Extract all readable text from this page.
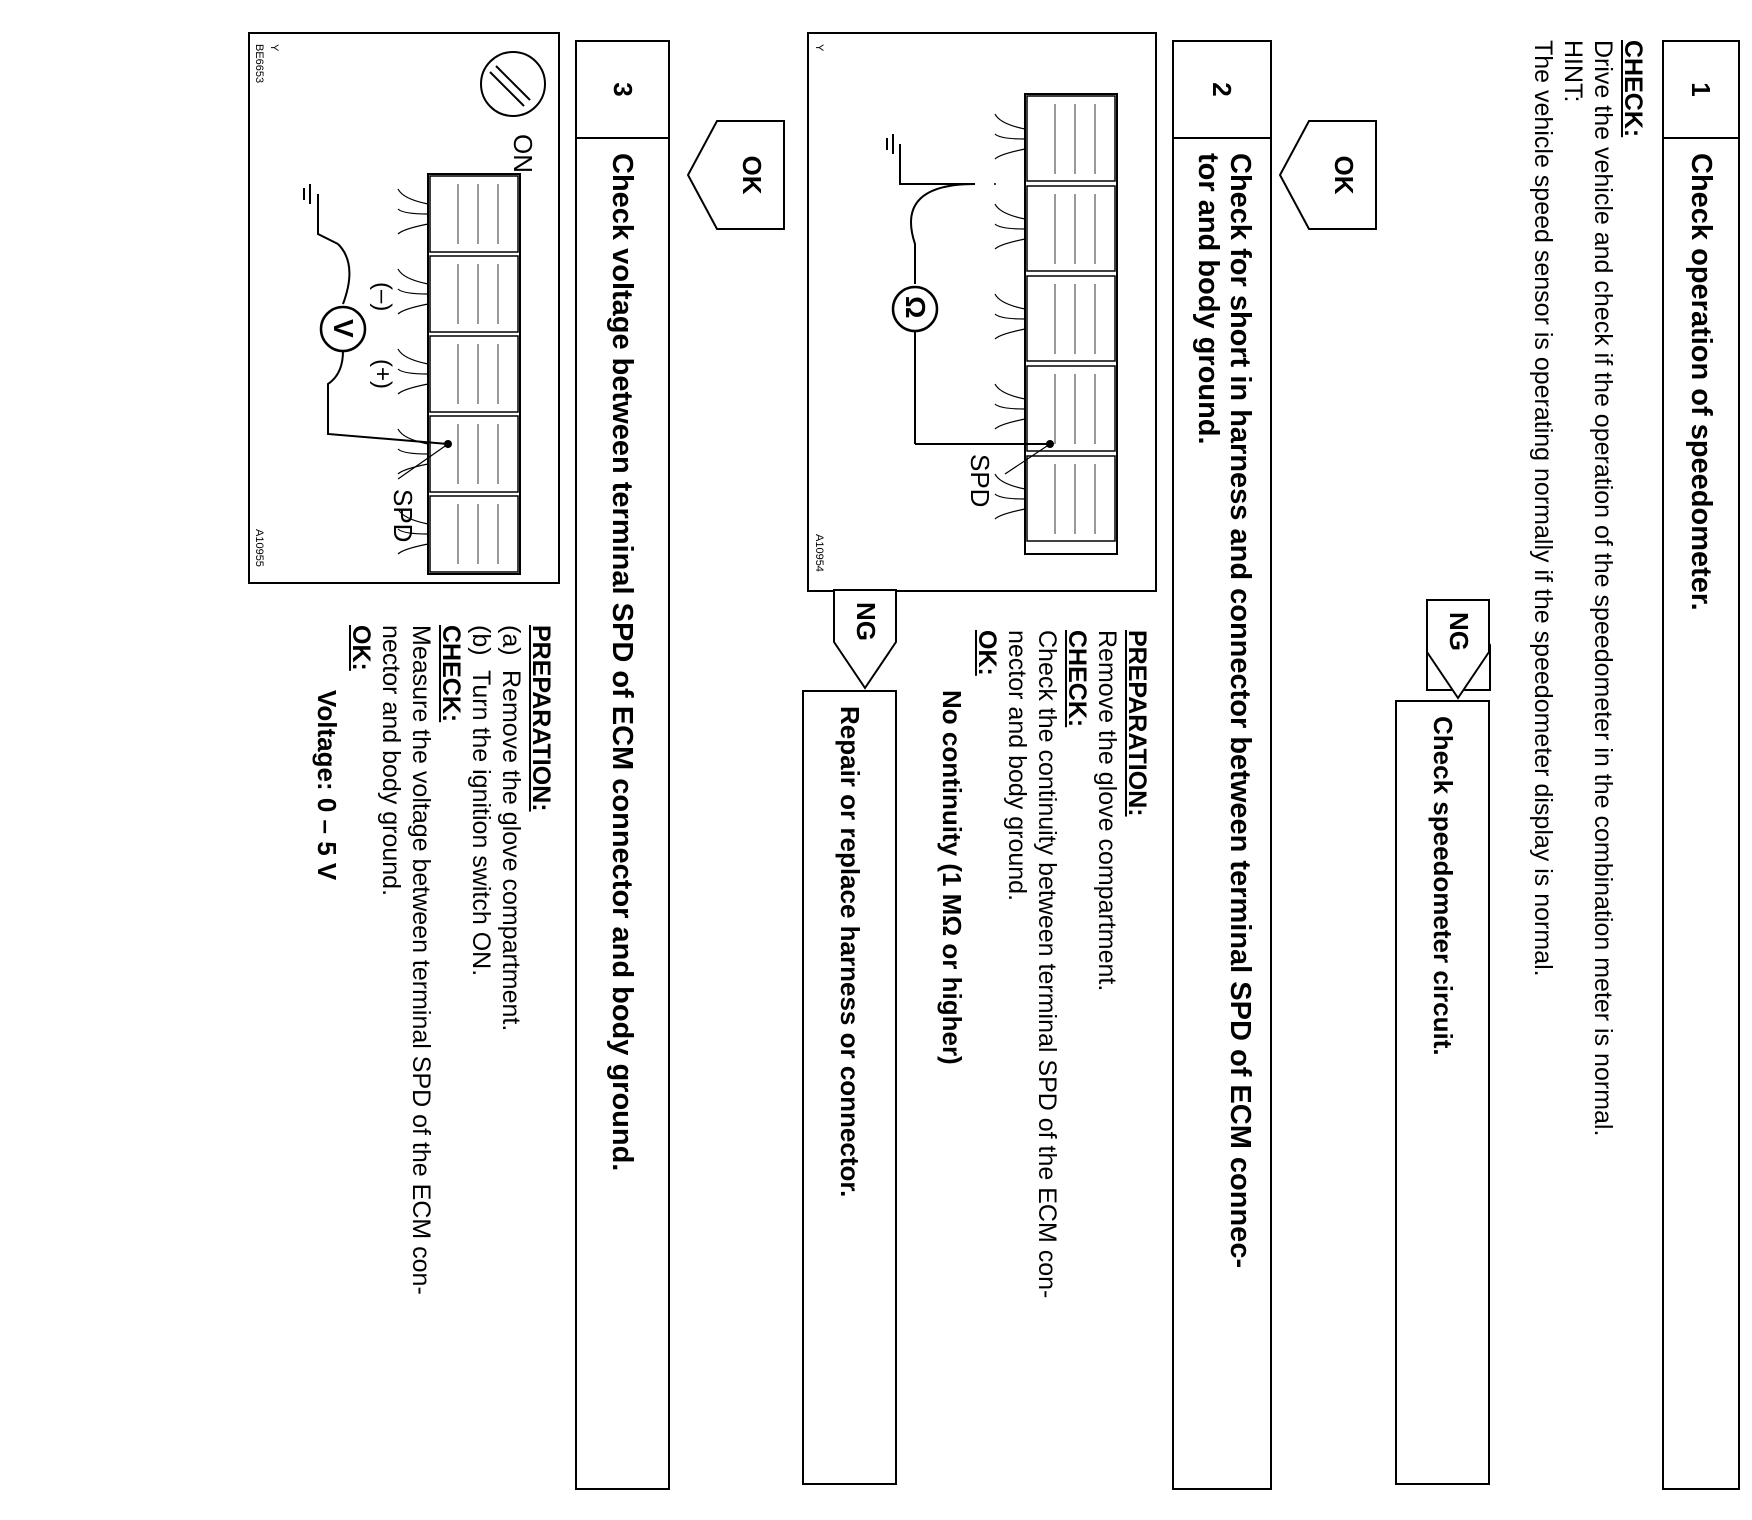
1
Check operation of speedometer.
CHECK:
Drive the vehicle and check if the operation of the speedometer in the combination meter is normal.
HINT:
The vehicle speed sensor is operating normally if the speedometer display is normal.
NG
Check speedometer circuit.
OK
2
Check for short in harness and connector between terminal SPD of ECM connec-
tor and body ground.
Ω
SPD
Y
A10954
PREPARATION:
Remove the glove compartment.
CHECK:
Check the continuity between terminal SPD of the ECM con-
nector and body ground.
OK:
No continuity (1 MΩ or higher)
NG
Repair or replace harness or connector.
OK
3
Check voltage between terminal SPD of ECM connector and body ground.
ON
V
(–)
(+)
SPD
Y
BE6653
A10955
PREPARATION:
(a)
Remove the glove compartment.
(b)
Turn the ignition switch ON.
CHECK:
Measure the voltage between terminal SPD of the ECM con-
nector and body ground.
OK:
Voltage: 0 – 5 V
